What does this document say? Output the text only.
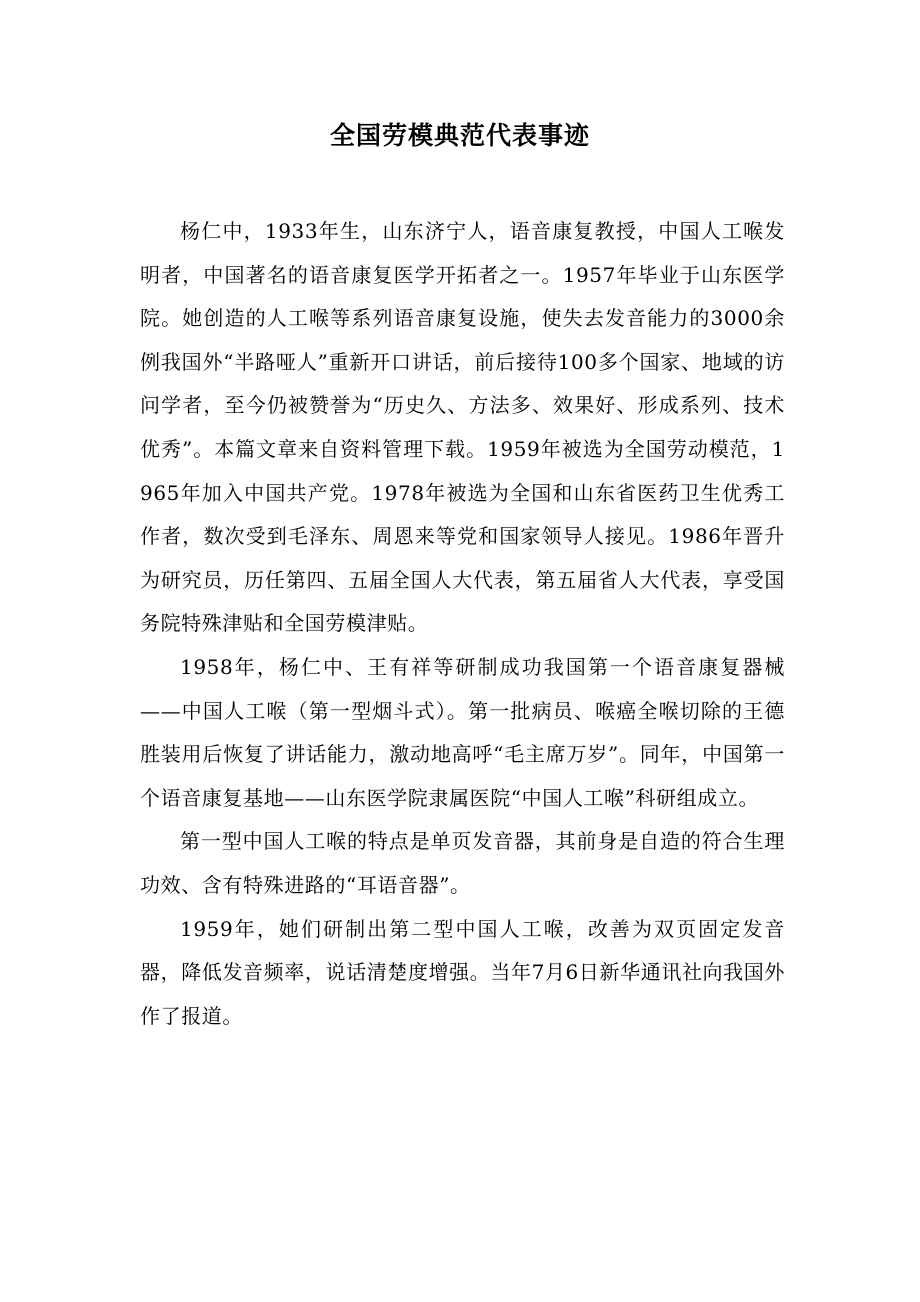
全国劳模典范代表事迹

杨仁中，1933年生，山东济宁人，语音康复教授，中国人工喉发明者，中国著名的语音康复医学开拓者之一。1957年毕业于山东医学院。她创造的人工喉等系列语音康复设施，使失去发音能力的3000余例我国外“半路哑人”重新开口讲话，前后接待100多个国家、地域的访问学者，至今仍被赞誉为“历史久、方法多、效果好、形成系列、技术优秀”。本篇文章来自资料管理下载。1959年被选为全国劳动模范，1965年加入中国共产党。1978年被选为全国和山东省医药卫生优秀工作者，数次受到毛泽东、周恩来等党和国家领导人接见。1986年晋升为研究员，历任第四、五届全国人大代表，第五届省人大代表，享受国务院特殊津贴和全国劳模津贴。

1958年，杨仁中、王有祥等研制成功我国第一个语音康复器械——中国人工喉（第一型烟斗式）。第一批病员、喉癌全喉切除的王德胜装用后恢复了讲话能力，激动地高呼“毛主席万岁”。同年，中国第一个语音康复基地——山东医学院隶属医院“中国人工喉”科研组成立。

第一型中国人工喉的特点是单页发音器，其前身是自造的符合生理功效、含有特殊进路的“耳语音器”。

1959年，她们研制出第二型中国人工喉，改善为双页固定发音器，降低发音频率，说话清楚度增强。当年7月6日新华通讯社向我国外作了报道。
